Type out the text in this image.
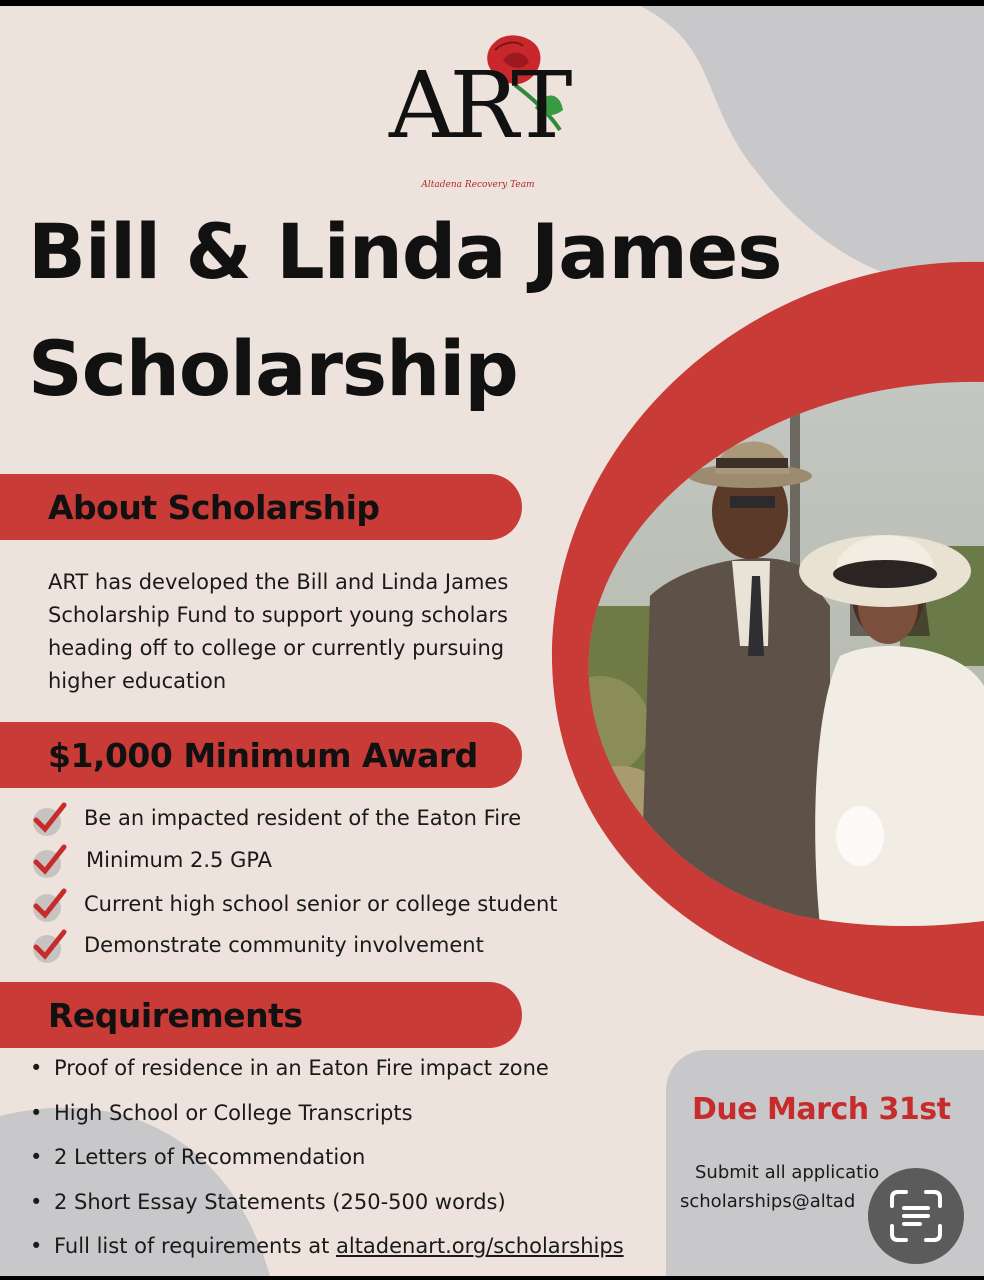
ART
Altadena Recovery Team
Bill & Linda James
Scholarship
About Scholarship
ART has developed the Bill and Linda James Scholarship Fund to support young scholars heading off to college or currently pursuing higher education
$1,000 Minimum Award
Be an impacted resident of the Eaton Fire
Minimum 2.5 GPA
Current high school senior or college student
Demonstrate community involvement
Requirements
• Proof of residence in an Eaton Fire impact zone
• High School or College Transcripts
• 2 Letters of Recommendation
• 2 Short Essay Statements (250-500 words)
• Full list of requirements at altadenart.org/scholarships
Due March 31st
Submit all applicatio
scholarships@altad
